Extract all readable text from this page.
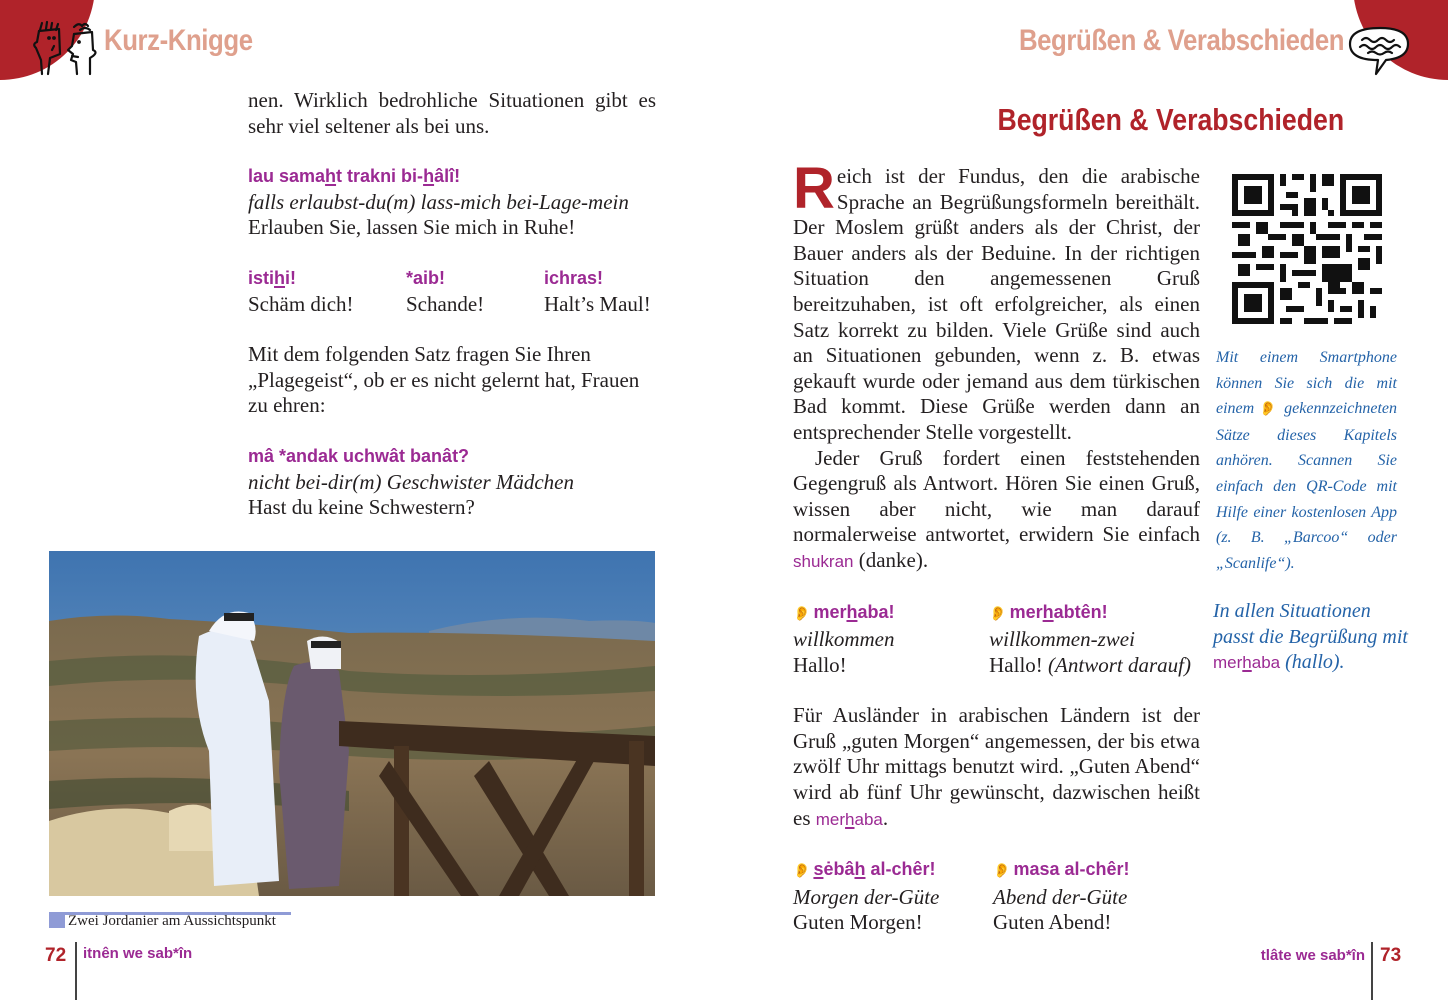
Kurz-Knigge
nen. Wirklich bedrohliche Situationen gibt es sehr viel seltener als bei uns.
lau samaht trakni bi-hâlî!
falls erlaubst-du(m) lass-mich bei-Lage-mein
Erlauben Sie, lassen Sie mich in Ruhe!
istihi!
Schäm dich!
*aib!
Schande!
ichras!
Halt’s Maul!
Mit dem folgenden Satz fragen Sie Ihren „Plagegeist“, ob er es nicht gelernt hat, Frauen zu ehren:
mâ *andak uchwât banât?
nicht bei-dir(m) Geschwister Mädchen
Hast du keine Schwestern?
Zwei Jordanier am Aussichtspunkt
72 itnên we sab*în
Begrüßen & Verabschieden
Begrüßen & Verabschieden
Reich ist der Fundus, den die arabische Sprache an Begrüßungsformeln bereithält. Der Moslem grüßt anders als der Christ, der Bauer anders als der Beduine. In der richtigen Situation den angemessenen Gruß bereitzuhaben, ist oft erfolgreicher, als einen Satz korrekt zu bilden. Viele Grüße sind auch an Situationen gebunden, wenn z. B. etwas gekauft wurde oder jemand aus dem türkischen Bad kommt. Diese Grüße werden dann an entsprechender Stelle vorgestellt.
Jeder Gruß fordert einen feststehenden Gegengruß als Antwort. Hören Sie einen Gruß, wissen aber nicht, wie man darauf normalerweise antwortet, erwidern Sie einfach shukran (danke).
👂 merhaba!
willkommen
Hallo!
👂 merhabtên!
willkommen-zwei
Hallo! (Antwort darauf)
Für Ausländer in arabischen Ländern ist der Gruß „guten Morgen“ angemessen, der bis etwa zwölf Uhr mittags benutzt wird. „Guten Abend“ wird ab fünf Uhr gewünscht, dazwischen heißt es merhaba.
👂 sėbâh al-chêr!
Morgen der-Güte
Guten Morgen!
👂 masa al-chêr!
Abend der-Güte
Guten Abend!
Mit einem Smartphone können Sie sich die mit einem 👂 gekennzeichneten Sätze dieses Kapitels anhören. Scannen Sie einfach den QR-Code mit Hilfe einer kostenlosen App (z. B. „Barcoo“ oder „Scanlife“).
In allen Situationen passt die Begrüßung mit merhaba (hallo).
tlâte we sab*în 73
